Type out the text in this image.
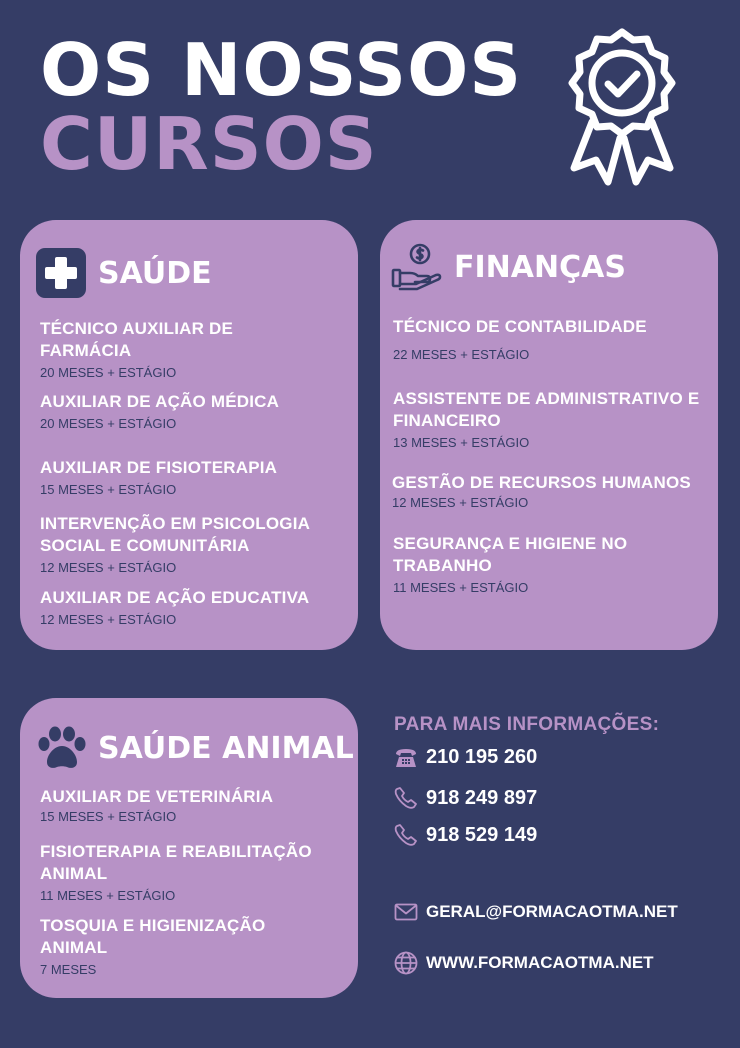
OS NOSSOS
CURSOS
SAÚDE
TÉCNICO AUXILIAR DE FARMÁCIA
20 MESES + ESTÁGIO
AUXILIAR DE AÇÃO MÉDICA
20 MESES + ESTÁGIO
AUXILIAR DE FISIOTERAPIA
15 MESES + ESTÁGIO
INTERVENÇÃO EM PSICOLOGIA SOCIAL E COMUNITÁRIA
12 MESES + ESTÁGIO
AUXILIAR DE AÇÃO EDUCATIVA
12 MESES + ESTÁGIO
FINANÇAS
TÉCNICO DE CONTABILIDADE
22 MESES + ESTÁGIO
ASSISTENTE DE ADMINISTRATIVO E FINANCEIRO
13 MESES + ESTÁGIO
GESTÃO DE RECURSOS HUMANOS
12 MESES + ESTÁGIO
SEGURANÇA E HIGIENE NO TRABANHO
11 MESES + ESTÁGIO
SAÚDE ANIMAL
AUXILIAR DE VETERINÁRIA
15 MESES + ESTÁGIO
FISIOTERAPIA E REABILITAÇÃO ANIMAL
11 MESES + ESTÁGIO
TOSQUIA E HIGIENIZAÇÃO ANIMAL
7 MESES
PARA MAIS INFORMAÇÕES:
210 195 260
918 249 897
918 529 149
GERAL@FORMACAOTMA.NET
WWW.FORMACAOTMA.NET
